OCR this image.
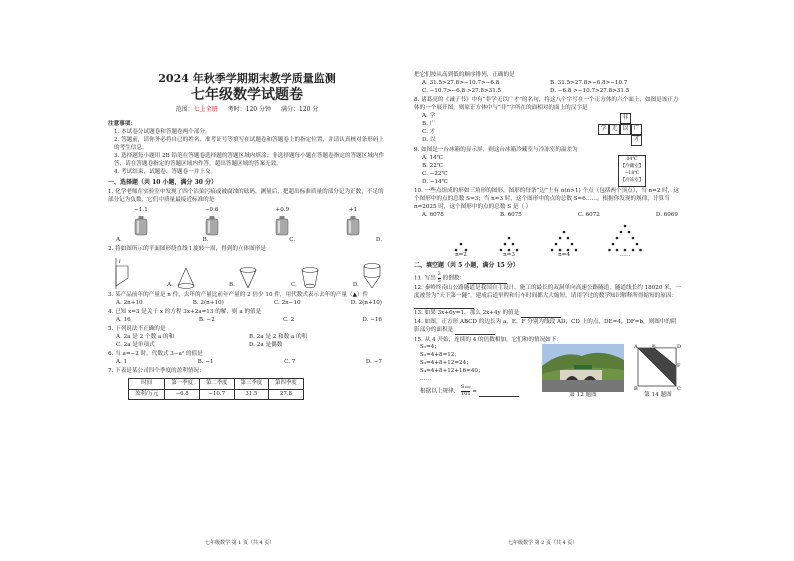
2024 年秋季学期期末教学质量监测
七年级数学试题卷
范围：七上全册 考时：120 分钟 满分：120 分
注意事项：
1. 本试卷分试题卷和答题卷两个部分。
2. 答题前，请你务必将自己的姓名、准考证号等填写在试题卷和答题卷上的指定位置，并请认真核对条形码上的考生信息。
3. 选择题每小题用 2B 铅笔在答题卷选择题的答题区域内填涂；非选择题每小题在答题卷指定的答题区域内作答，请在答题卷指定的答题区域内作答，超出答题区域的答案无效。
4. 考试结束，试题卷、答题卷一并上交。
一、选择题（共 10 小题，满分 30 分）
1. 化学老师在实验室中发现了四个沾染污痕或被腐蚀的砝码，测量后，把超出标准质量的部分记为正数，不足的部分记为负数，它们中质量最接近标准的是
−1.1	−0.6	+0.9	+1
A.	B.	C.	D.
2. 将如图所示的平面图形绕直线 l 旋转一周，得到的立体图形是
l
A.	B.	C.	D.
3. 某产品前年的产量是 n 件，去年的产量比前年产量的 2 倍少 10 件，用代数式表示去年的产量（▲）件
A. 2n+10	B. 2(n+10)	C. 2n−10	D. 2(n+10)
4. 已知 x=3 是关于 x 的方程 3x+2a=13 的解，则 a 的值是
A. 16	B. −2	C. 2	D. −16
5. 下列说法不正确的是
A. 2a 是 2 个数 a 的和	B. 2a 是 2 和数 a 的积
C. 2a 是单项式	D. 2a 是偶数
6. 当 a=−2 时，代数式 3−a² 的值是
A. 1	B. −1	C. 7	D. −7
7. 下表是某公司四个季度的盈利情况：
时间	第一季度	第二季度	第三季度	第四季度
盈利/万元	−6.8	−10.7	31.5	27.8
七年级数学 第 1 页（共 4 页）
把它们按从高到低的顺序排列，正确的是
A. 31.5>27.8>−10.7>−6.8	B. 31.5>27.8>−6.8>−10.7
C. −10.7>−6.8 >27.8>31.5	D. −6.8 >−10.7>27.8>31.5
8. 诸葛亮的《诫子书》中有“非学无以广才”的名句，将这八个字写在一个正方体的六个面上，如图是该正方体的一个展开图，则原正方体中与“非”字所在的面相对的面上的汉字是
A. 学
B. 广
C. 才
D. 以
非
学 无 以 广
才
9. 如图是一台冰箱的显示屏，则这台冰箱冷藏室与冷冻室的温差为
A. 14℃
B. 22℃
C. −22℃
D. −14℃
04℃
【冷藏室】
−18℃
【冷冻室】
10. 一些点组成的形如三角形的图形，图形的每条“边”上有 n(n>1) 个点（包括两个顶点），当 n=2 时，这个图形中的点的总数 S=3；当 n=3 时，这个图形中的点的总数 S=6……，根据你发现的规律，计算当 n=2025 时，这个图形中的点的总数 S 是（ ）
A. 6078	B. 6075	C. 6072	D. 6069
n=2	n=3	n=4	……
二、填空题（共 5 小题，满分 15 分）
11. 写出 $\frac{2}{5}$ 的倒数：
12. 秦岭终南山公路隧道是我国自主设计、施工的最长的双洞单向高速公路隧道，隧道线长约 18020 米，一度被誉为“天下第一隧”。建成后道里程和行车时间都大大缩短。请用学过的数学知识解释所得缩短的原因：
13. 如果 3x+6y=1，那么 2x+4y 的值是
14. 如图，正方形 ABCD 的边长为 a，E，F 分别为线段 AD，CD 上的点，DE=4，DF=b，则图中的阴影部分的面积是
15. 从 4 开始，连续的 4 的倍数相加，它们和的情况如下：
S₁=4；
S₂=4+8=12；
S₃=4+8+12=24；
S₄=4+8+12+16=40；
……
根据以上规律， $\frac{\text{S₁₀₀}}{101}$ =
第 12 题图
A	E	D
F
B	C
第 14 题图
七年级数学 第 2 页（共 4 页）
